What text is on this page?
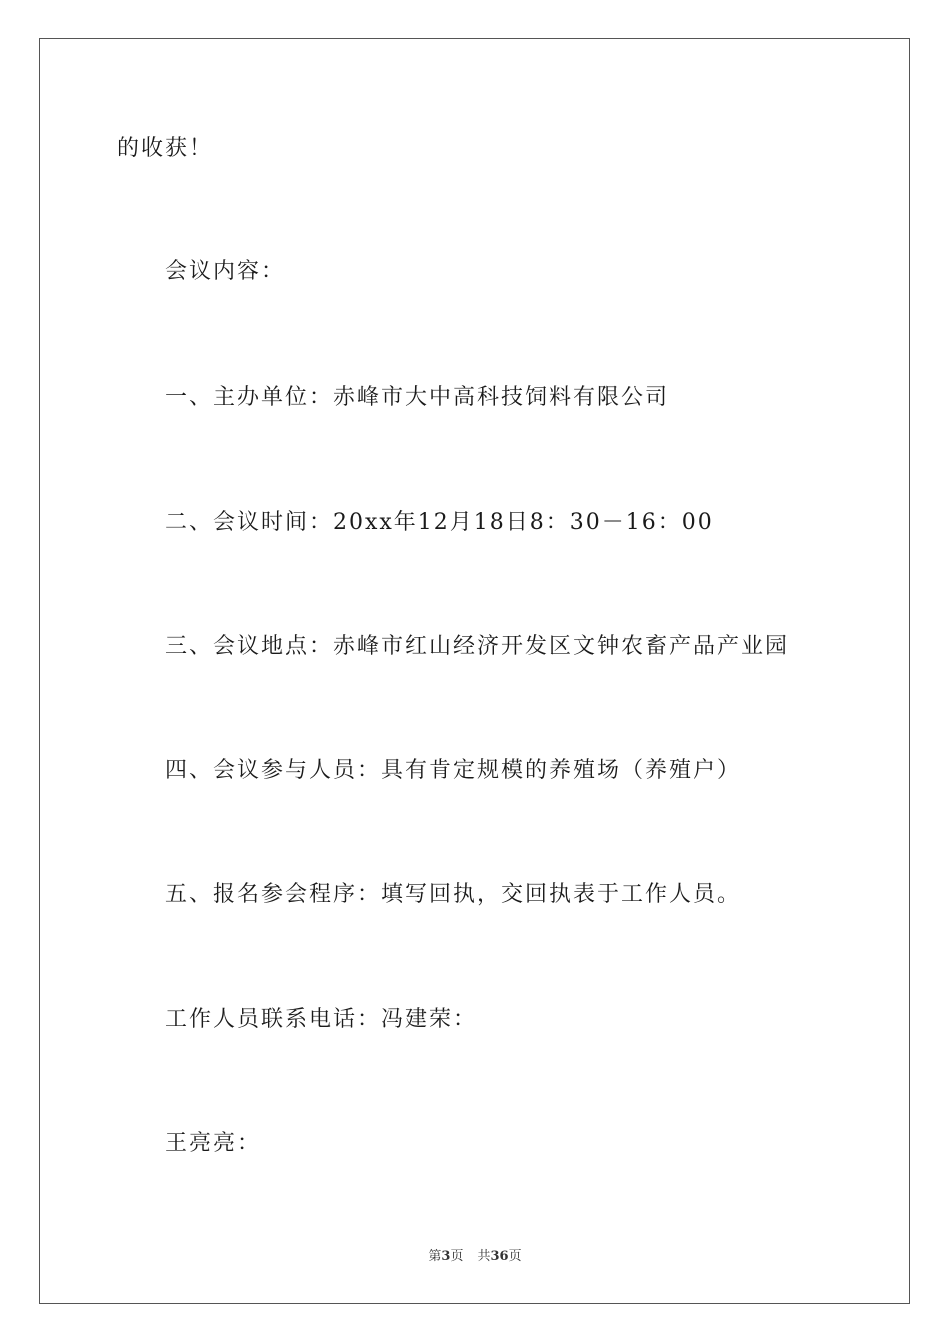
的收获！
会议内容：
一、主办单位：赤峰市大中高科技饲料有限公司
二、会议时间：20xx年12月18日8：30－16：00
三、会议地点：赤峰市红山经济开发区文钟农畜产品产业园
四、会议参与人员：具有肯定规模的养殖场（养殖户）
五、报名参会程序：填写回执，交回执表于工作人员。
工作人员联系电话：冯建荣：
王亮亮：
第3页 共36页
